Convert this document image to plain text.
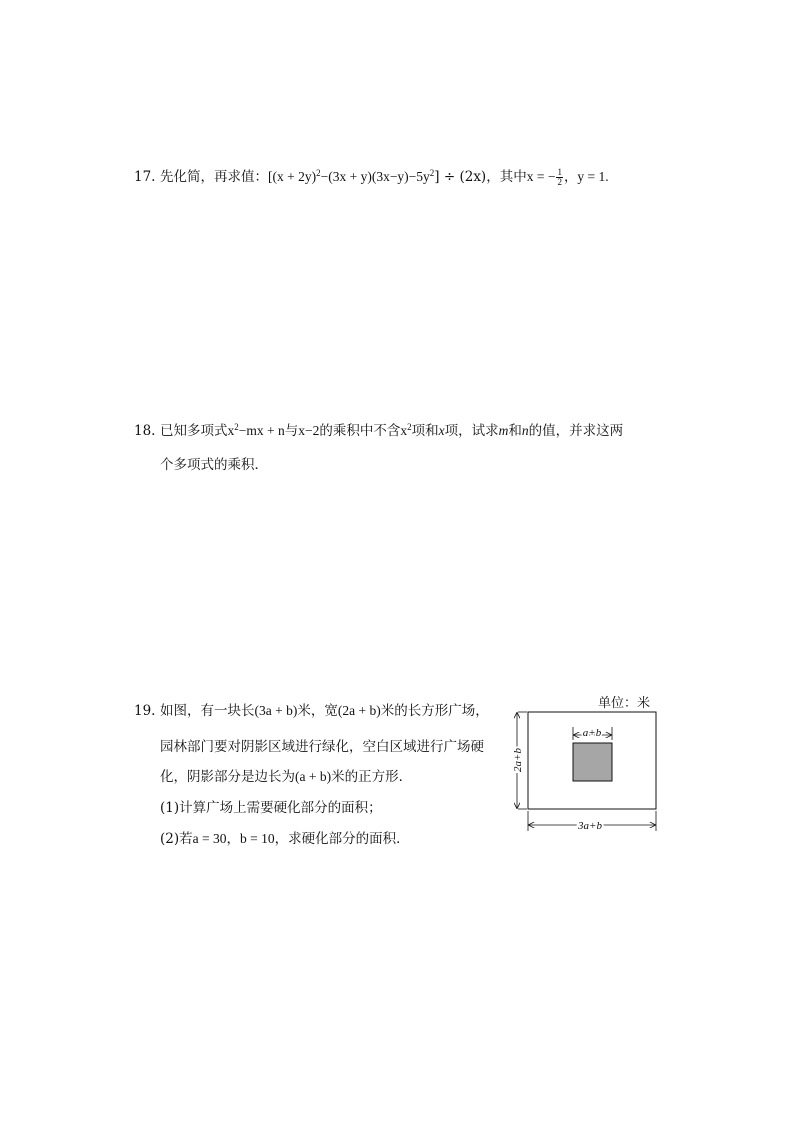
17. 先化简，再求值：$[(x + 2y)^2-(3x + y)(3x-y)-5y^2] \div (2x)$，其中x = − $\frac{1}{2}$ ，y = 1.
18. 已知多项式$x^2-mx + n$与x−2的乘积中不含$x^2$项和x项，试求m和n的值，并求这两
个多项式的乘积．
19. 如图，有一块长(3a + b)米，宽(2a + b)米的长方形广场，
园林部门要对阴影区域进行绿化，空白区域进行广场硬
化，阴影部分是边长为(a + b)米的正方形．
(1)计算广场上需要硬化部分的面积；
(2)若a = 30，b = 10，求硬化部分的面积．
单位：米
a+b
2a+b
3a+b
